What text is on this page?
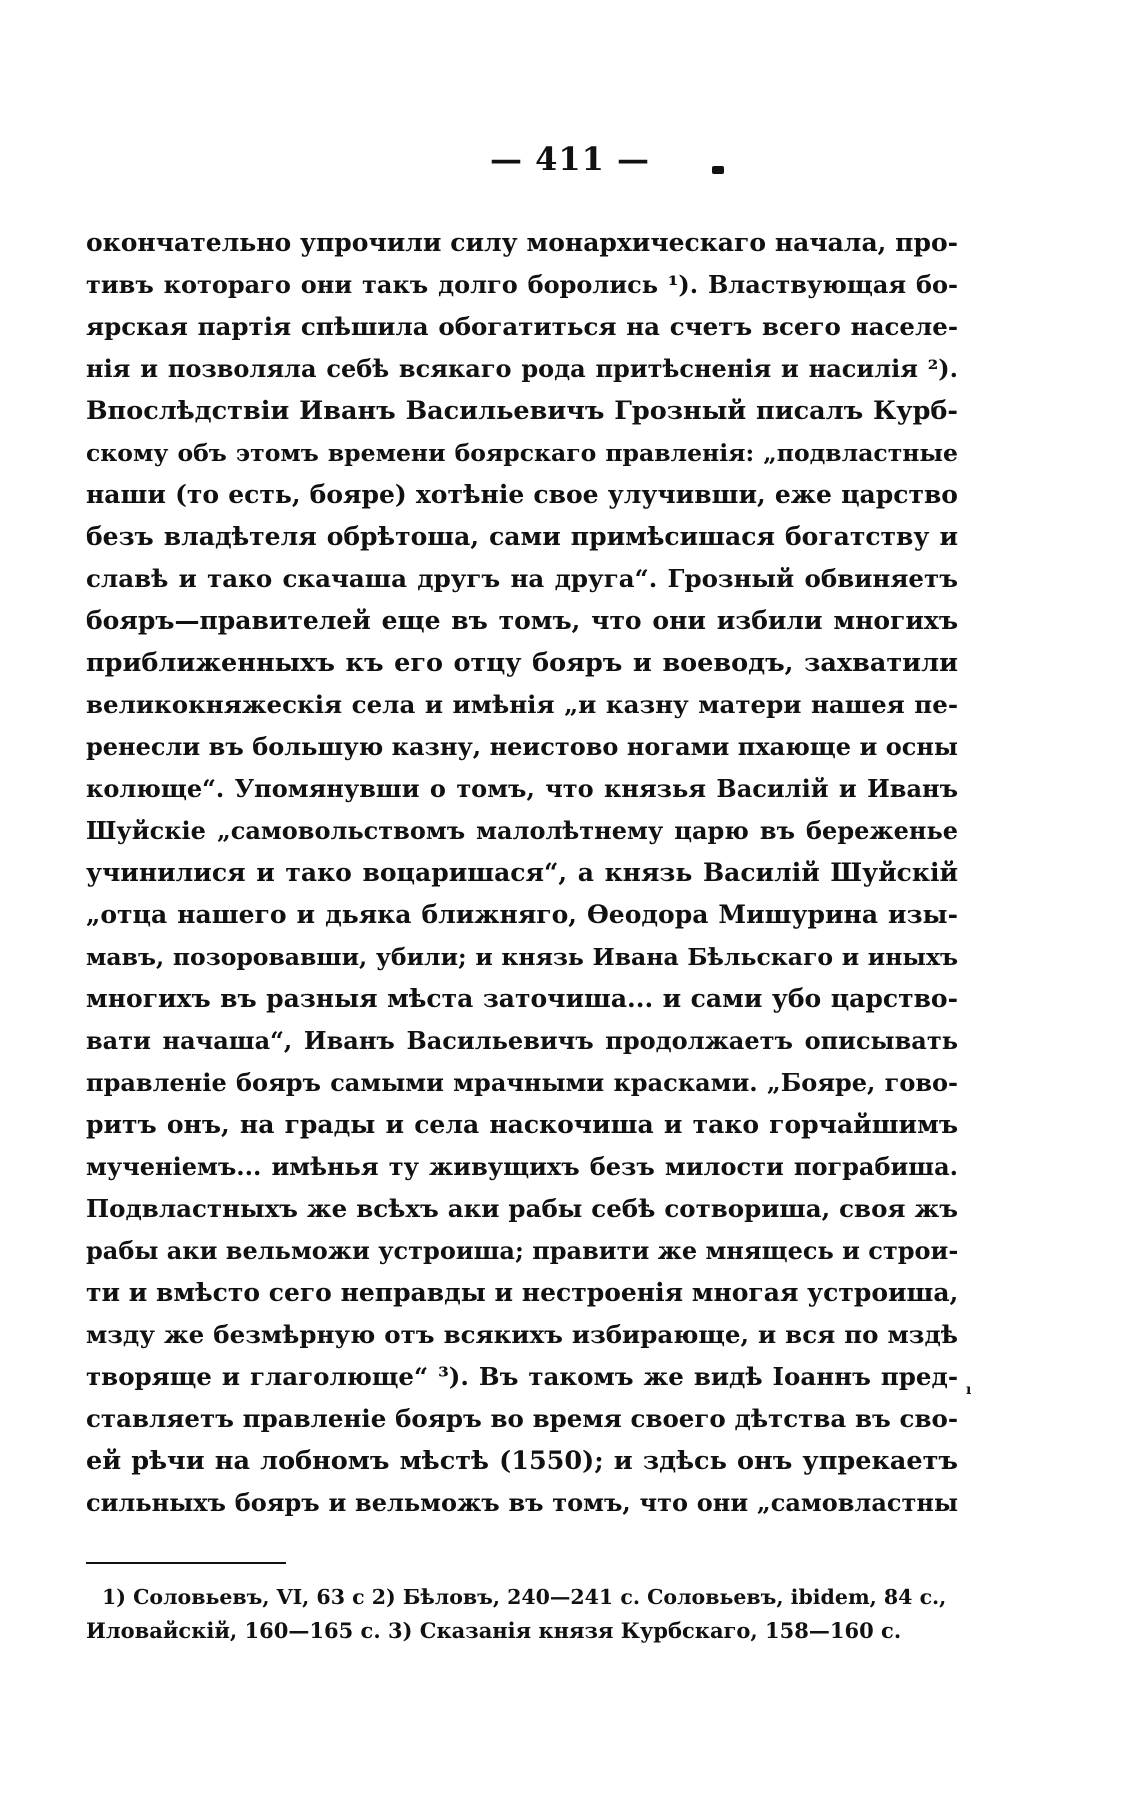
— 411 —
окончательно упрочили силу монархическаго начала, про-
тивъ котораго они такъ долго боролись ¹). Властвующая бо-
ярская партія спѣшила обогатиться на счетъ всего населе-
нія и позволяла себѣ всякаго рода притѣсненія и насилія ²).
Впослѣдствіи Иванъ Васильевичъ Грозный писалъ Курб-
скому объ этомъ времени боярскаго правленія: „подвластные
наши (то есть, бояре) хотѣніе свое улучивши, еже царство
безъ владѣтеля обрѣтоша, сами примѣсишася богатству и
славѣ и тако скачаша другъ на друга“. Грозный обвиняетъ
бояръ—правителей еще въ томъ, что они избили многихъ
приближенныхъ къ его отцу бояръ и воеводъ, захватили
великокняжескія села и имѣнія „и казну матери нашея пе-
ренесли въ большую казну, неистово ногами пхающе и осны
колюще“. Упомянувши о томъ, что князья Василій и Иванъ
Шуйскіе „самовольствомъ малолѣтнему царю въ береженье
учинилися и тако воцаришася“, а князь Василій Шуйскій
„отца нашего и дьяка ближняго, Ѳеодора Мишурина изы-
мавъ, позоровавши, убили; и князь Ивана Бѣльскаго и иныхъ
многихъ въ разныя мѣста заточиша... и сами убо царство-
вати начаша“, Иванъ Васильевичъ продолжаетъ описывать
правленіе бояръ самыми мрачными красками. „Бояре, гово-
ритъ онъ, на грады и села наскочиша и тако горчайшимъ
мученіемъ... имѣнья ту живущихъ безъ милости пограбиша.
Подвластныхъ же всѣхъ аки рабы себѣ сотвориша, своя жъ
рабы аки вельможи устроиша; правити же мнящесь и строи-
ти и вмѣсто сего неправды и нестроенія многая устроиша,
мзду же безмѣрную отъ всякихъ избирающе, и вся по мздѣ
творяще и глаголюще“ ³). Въ такомъ же видѣ Іоаннъ пред-
ставляетъ правленіе бояръ во время своего дѣтства въ сво-
ей рѣчи на лобномъ мѣстѣ (1550); и здѣсь онъ упрекаетъ
сильныхъ бояръ и вельможъ въ томъ, что они „самовластны
ı
1) Соловьевъ, VI, 63 с 2) Бѣловъ, 240—241 с. Соловьевъ, ibidem, 84 с.,
Иловайскій, 160—165 с. 3) Сказанія князя Курбскаго, 158—160 с.
